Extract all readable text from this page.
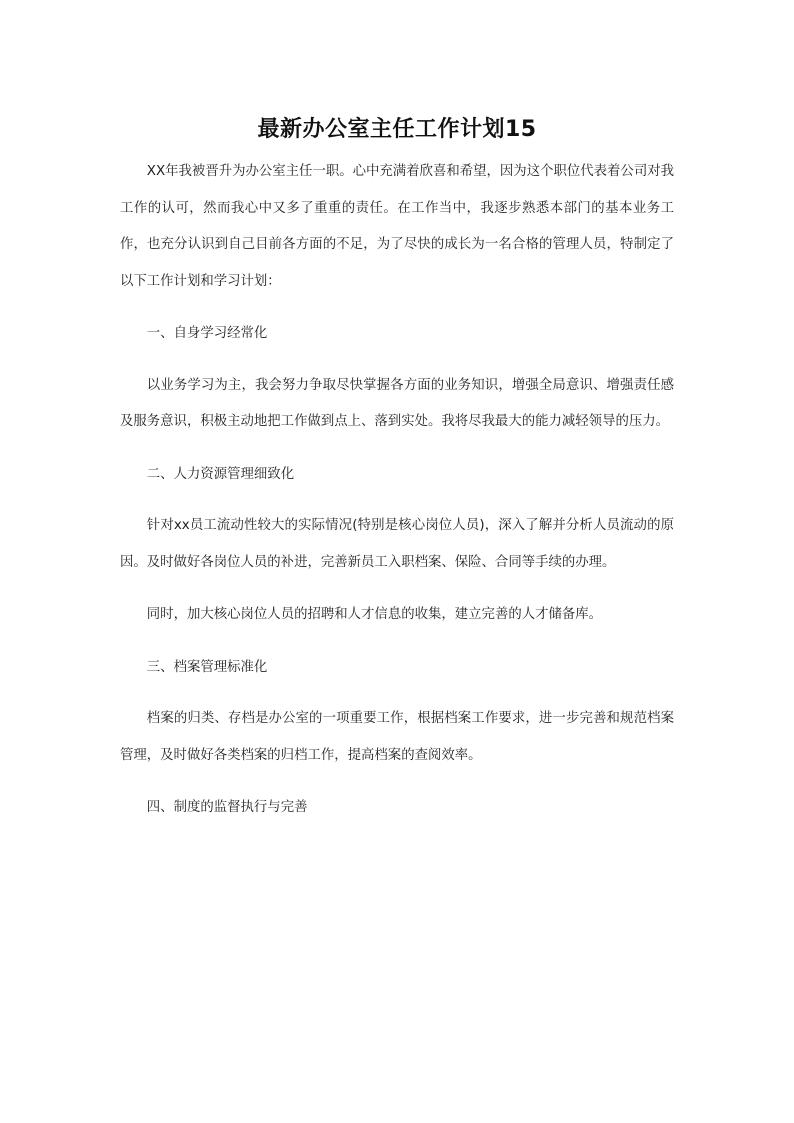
最新办公室主任工作计划15

XX年我被晋升为办公室主任一职。心中充满着欣喜和希望，因为这个职位代表着公司对我工作的认可，然而我心中又多了重重的责任。在工作当中，我逐步熟悉本部门的基本业务工作，也充分认识到自己目前各方面的不足，为了尽快的成长为一名合格的管理人员，特制定了以下工作计划和学习计划：

一、自身学习经常化

以业务学习为主，我会努力争取尽快掌握各方面的业务知识，增强全局意识、增强责任感及服务意识，积极主动地把工作做到点上、落到实处。我将尽我最大的能力减轻领导的压力。

二、人力资源管理细致化

针对xx员工流动性较大的实际情况(特别是核心岗位人员)，深入了解并分析人员流动的原因。及时做好各岗位人员的补进，完善新员工入职档案、保险、合同等手续的办理。

同时，加大核心岗位人员的招聘和人才信息的收集，建立完善的人才储备库。

三、档案管理标准化

档案的归类、存档是办公室的一项重要工作，根据档案工作要求，进一步完善和规范档案管理，及时做好各类档案的归档工作，提高档案的查阅效率。

四、制度的监督执行与完善
